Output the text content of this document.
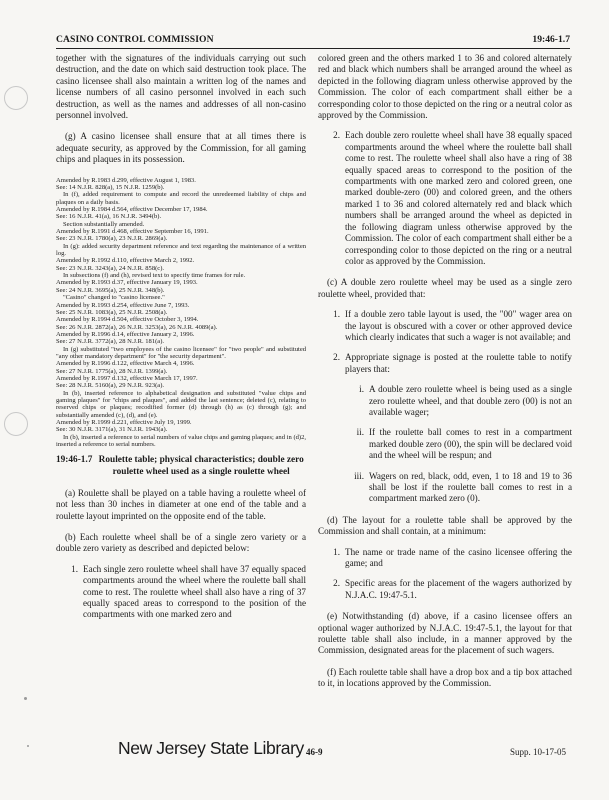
CASINO CONTROL COMMISSION	19:46-1.7

together with the signatures of the individuals carrying out such destruction, and the date on which said destruction took place. The casino licensee shall also maintain a written log of the names and license numbers of all casino personnel involved in each such destruction, as well as the names and addresses of all non-casino personnel involved.

(g) A casino licensee shall ensure that at all times there is adequate security, as approved by the Commission, for all gaming chips and plaques in its possession.

Amended by R.1983 d.299, effective August 1, 1983.
See: 14 N.J.R. 828(a), 15 N.J.R. 1259(b).
In (f), added requirement to compute and record the unredeemed liability of chips and plaques on a daily basis.
Amended by R.1984 d.564, effective December 17, 1984.
See: 16 N.J.R. 41(a), 16 N.J.R. 3494(b).
Section substantially amended.
Amended by R.1991 d.468, effective September 16, 1991.
See: 23 N.J.R. 1780(a), 23 N.J.R. 2869(a).
In (g): added security department reference and text regarding the maintenance of a written log.
Amended by R.1992 d.110, effective March 2, 1992.
See: 23 N.J.R. 3243(a), 24 N.J.R. 858(c).
In subsections (f) and (h), revised text to specify time frames for rule.
Amended by R.1993 d.37, effective January 19, 1993.
See: 24 N.J.R. 3695(a), 25 N.J.R. 348(b).
"Casino" changed to "casino licensee."
Amended by R.1993 d.254, effective June 7, 1993.
See: 25 N.J.R. 1083(a), 25 N.J.R. 2508(a).
Amended by R.1994 d.504, effective October 3, 1994.
See: 26 N.J.R. 2872(a), 26 N.J.R. 3253(a), 26 N.J.R. 4089(a).
Amended by R.1996 d.14, effective January 2, 1996.
See: 27 N.J.R. 3772(a), 28 N.J.R. 181(a).
In (g) substituted "two employees of the casino licensee" for "two people" and substituted "any other mandatory department" for "the security department".
Amended by R.1996 d.122, effective March 4, 1996.
See: 27 N.J.R. 1775(a), 28 N.J.R. 1399(a).
Amended by R.1997 d.132, effective March 17, 1997.
See: 28 N.J.R. 5160(a), 29 N.J.R. 923(a).
In (b), inserted reference to alphabetical designation and substituted "value chips and gaming plaques" for "chips and plaques", and added the last sentence; deleted (c), relating to reserved chips or plaques; recodified former (d) through (h) as (c) through (g); and substantially amended (c), (d), and (e).
Amended by R.1999 d.221, effective July 19, 1999.
See: 30 N.J.R. 3171(a), 31 N.J.R. 1943(a).
In (b), inserted a reference to serial numbers of value chips and gaming plaques; and in (d)2, inserted a reference to serial numbers.
19:46-1.7 Roulette table; physical characteristics; double zero roulette wheel used as a single roulette wheel

(a) Roulette shall be played on a table having a roulette wheel of not less than 30 inches in diameter at one end of the table and a roulette layout imprinted on the opposite end of the table.

(b) Each roulette wheel shall be of a single zero variety or a double zero variety as described and depicted below:

1. Each single zero roulette wheel shall have 37 equally spaced compartments around the wheel where the roulette ball shall come to rest. The roulette wheel shall also have a ring of 37 equally spaced areas to correspond to the position of the compartments with one marked zero and

colored green and the others marked 1 to 36 and colored alternately red and black which numbers shall be arranged around the wheel as depicted in the following diagram unless otherwise approved by the Commission. The color of each compartment shall either be a corresponding color to those depicted on the ring or a neutral color as approved by the Commission.

2. Each double zero roulette wheel shall have 38 equally spaced compartments around the wheel where the roulette ball shall come to rest. The roulette wheel shall also have a ring of 38 equally spaced areas to correspond to the position of the compartments with one marked zero and colored green, one marked double-zero (00) and colored green, and the others marked 1 to 36 and colored alternately red and black which numbers shall be arranged around the wheel as depicted in the following diagram unless otherwise approved by the Commission. The color of each compartment shall either be a corresponding color to those depicted on the ring or a neutral color as approved by the Commission.

(c) A double zero roulette wheel may be used as a single zero roulette wheel, provided that:

1. If a double zero table layout is used, the "00" wager area on the layout is obscured with a cover or other approved device which clearly indicates that such a wager is not available; and
2. Appropriate signage is posted at the roulette table to notify players that:
i. A double zero roulette wheel is being used as a single zero roulette wheel, and that double zero (00) is not an available wager;
ii. If the roulette ball comes to rest in a compartment marked double zero (00), the spin will be declared void and the wheel will be respun; and
iii. Wagers on red, black, odd, even, 1 to 18 and 19 to 36 shall be lost if the roulette ball comes to rest in a compartment marked zero (0).

(d) The layout for a roulette table shall be approved by the Commission and shall contain, at a minimum:

1. The name or trade name of the casino licensee offering the game; and
2. Specific areas for the placement of the wagers authorized by N.J.A.C. 19:47-5.1.

(e) Notwithstanding (d) above, if a casino licensee offers an optional wager authorized by N.J.A.C. 19:47-5.1, the layout for that roulette table shall also include, in a manner approved by the Commission, designated areas for the placement of such wagers.

(f) Each roulette table shall have a drop box and a tip box attached to it, in locations approved by the Commission.

New Jersey State Library 46-9	Supp. 10-17-05
